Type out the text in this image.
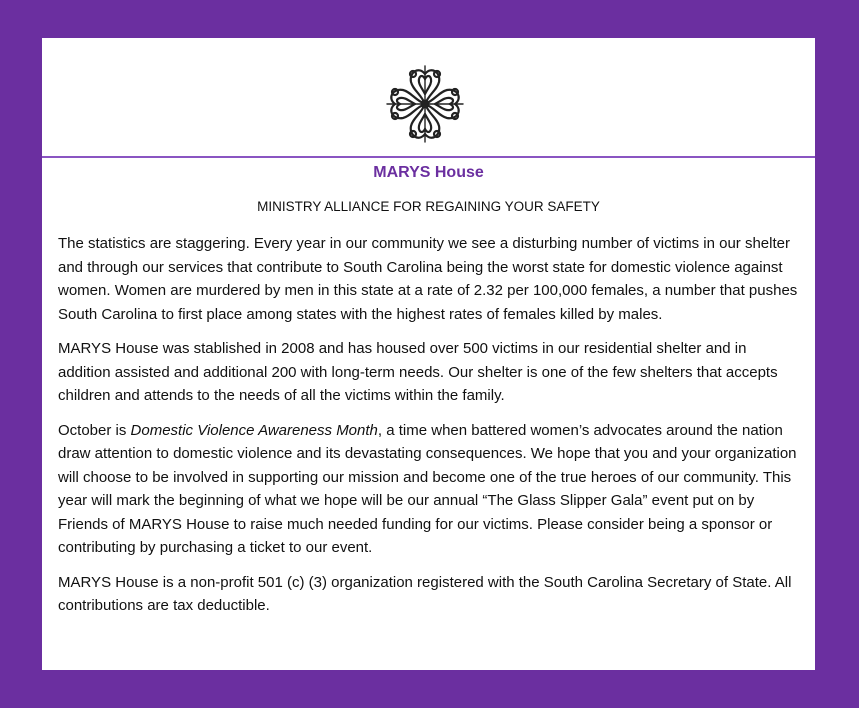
MARYS House
MINISTRY ALLIANCE FOR REGAINING YOUR SAFETY

The statistics are staggering. Every year in our community we see a disturbing number of victims in our shelter and through our services that contribute to South Carolina being the worst state for domestic violence against women. Women are murdered by men in this state at a rate of 2.32 per 100,000 females, a number that pushes South Carolina to first place among states with the highest rates of females killed by males.

MARYS House was stablished in 2008 and has housed over 500 victims in our residential shelter and in addition assisted and additional 200 with long-term needs. Our shelter is one of the few shelters that accepts children and attends to the needs of all the victims within the family.

October is Domestic Violence Awareness Month, a time when battered women’s advocates around the nation draw attention to domestic violence and its devastating consequences. We hope that you and your organization will choose to be involved in supporting our mission and become one of the true heroes of our community. This year will mark the beginning of what we hope will be our annual “The Glass Slipper Gala” event put on by Friends of MARYS House to raise much needed funding for our victims. Please consider being a sponsor or contributing by purchasing a ticket to our event.

MARYS House is a non-profit 501 (c) (3) organization registered with the South Carolina Secretary of State. All contributions are tax deductible.
